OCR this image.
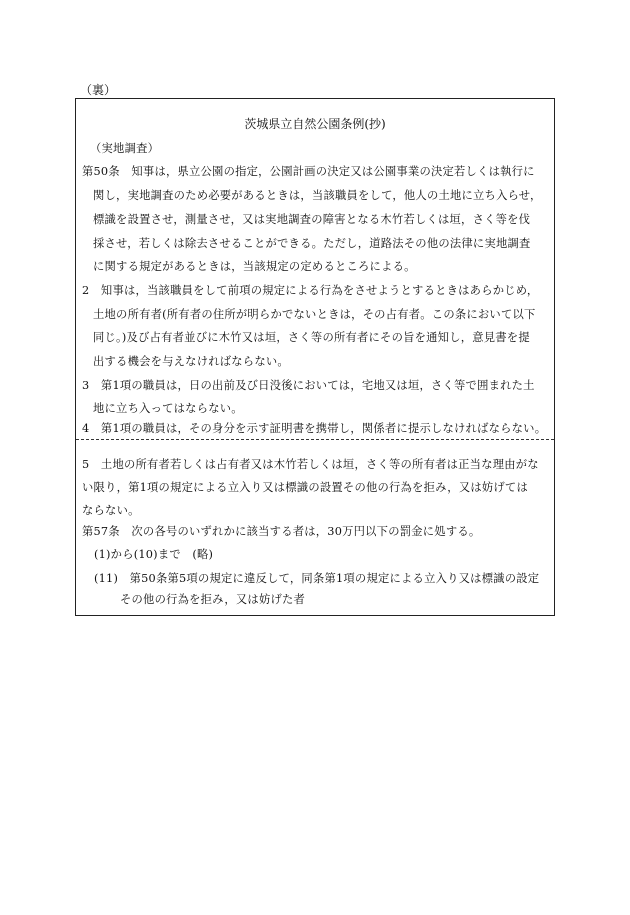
（裏）
茨城県立自然公園条例(抄)
（実地調査）
第50条　知事は，県立公園の指定，公園計画の決定又は公園事業の決定若しくは執行に
関し，実地調査のため必要があるときは，当該職員をして，他人の土地に立ち入らせ，
標識を設置させ，測量させ，又は実地調査の障害となる木竹若しくは垣，さく等を伐
採させ，若しくは除去させることができる。ただし，道路法その他の法律に実地調査
に関する規定があるときは，当該規定の定めるところによる。
2　知事は，当該職員をして前項の規定による行為をさせようとするときはあらかじめ，
土地の所有者(所有者の住所が明らかでないときは，その占有者。この条において以下
同じ。)及び占有者並びに木竹又は垣，さく等の所有者にその旨を通知し，意見書を提
出する機会を与えなければならない。
3　第1項の職員は，日の出前及び日没後においては，宅地又は垣，さく等で囲まれた土
地に立ち入ってはならない。
4　第1項の職員は，その身分を示す証明書を携帯し，関係者に提示しなければならない。
5　土地の所有者若しくは占有者又は木竹若しくは垣，さく等の所有者は正当な理由がな
い限り，第1項の規定による立入り又は標識の設置その他の行為を拒み，又は妨げては
ならない。
第57条　次の各号のいずれかに該当する者は，30万円以下の罰金に処する。
(1)から(10)まで　(略)
(11)　第50条第5項の規定に違反して，同条第1項の規定による立入り又は標識の設定
その他の行為を拒み，又は妨げた者
